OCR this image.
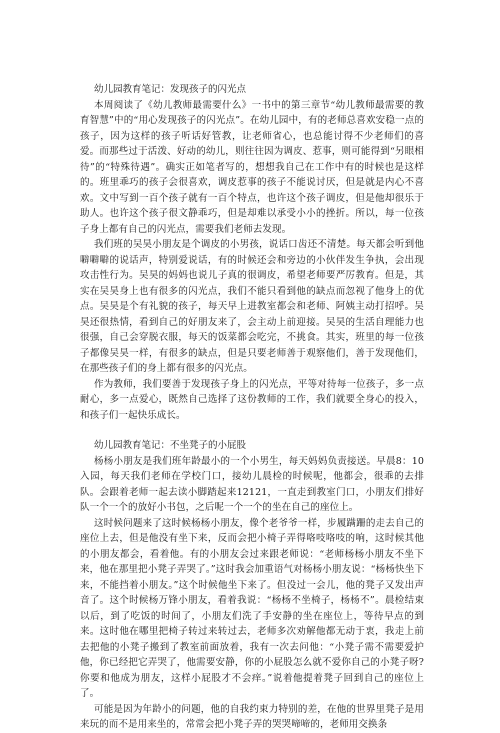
幼儿园教育笔记：发现孩子的闪光点

本周阅读了《幼儿教师最需要什么》一书中的第三章节“幼儿教师最需要的教育智慧”中的“用心发现孩子的闪光点”。在幼儿园中，有的老师总喜欢安稳一点的孩子，因为这样的孩子听话好管教，让老师省心，也总能讨得不少老师们的喜爱。而那些过于活泼、好动的幼儿，则往往因为调皮、惹事，则可能得到“另眼相待”的“特殊待遇”。确实正如笔者写的，想想我自己在工作中有的时候也是这样的。班里乖巧的孩子会很喜欢，调皮惹事的孩子不能说讨厌，但是就是内心不喜欢。文中写到一百个孩子就有一百个特点，也许这个孩子调皮，但是他却很乐于助人。也许这个孩子很文静乖巧，但是却难以承受小小的挫折。所以，每一位孩子身上都有自己的闪光点，需要我们老师去发现。

我们班的吴昊小朋友是个调皮的小男孩，说话口齿还不清楚。每天都会听到他噼噼噼的说话声，特别爱说话，有的时候还会和旁边的小伙伴发生争执，会出现攻击性行为。吴昊的妈妈也说儿子真的很调皮，希望老师要严厉教育。但是，其实在吴昊身上也有很多的闪光点，我们不能只看到他的缺点而忽视了他身上的优点。吴昊是个有礼貌的孩子，每天早上进教室都会和老师、阿姨主动打招呼。吴昊还很热情，看到自己的好朋友来了，会主动上前迎接。吴昊的生活自理能力也很强，自己会穿脱衣服，每天的饭菜都会吃完，不挑食。其实，班里的每一位孩子都像吴昊一样，有很多的缺点，但是只要老师善于观察他们，善于发现他们，在那些孩子们的身上都有很多的闪光点。

作为教师，我们要善于发现孩子身上的闪光点，平等对待每一位孩子，多一点耐心，多一点爱心，既然自己选择了这份教师的工作，我们就要全身心的投入，和孩子们一起快乐成长。

幼儿园教育笔记：不坐凳子的小屁股

杨杨小朋友是我们班年龄最小的一个小男生，每天妈妈负责接送。早晨8：10入园，每天我们老师在学校门口，接幼儿晨检的时候呢，他都会，很乖的去排队。会跟着老师一起去读小脚踏起来12121，一直走到教室门口，小朋友们排好队一个一个的放好小书包，之后呢一个一个的坐在自己的座位上。

这时候问题来了这时候杨杨小朋友，像个老爷爷一样，步履蹒跚的走去自己的座位上去，但是他没有坐下来，反而会把小椅子弄得咯吱咯吱的响，这时候其他的小朋友都会，看着他。有的小朋友会过来跟老师说：“老师杨杨小朋友不坐下来，他在那里把小凳子弄哭了。”这时我会加重语气对杨杨小朋友说：“杨杨快坐下来，不能挡着小朋友。”这个时候他坐下来了。但没过一会儿，他的凳子又发出声音了。这个时候杨万锋小朋友，看着我说：“杨杨不坐椅子，杨杨不”。晨检结束以后，到了吃饭的时间了，小朋友们洗了手安静的坐在座位上，等待早点的到来。这时他在哪里把椅子转过来转过去，老师多次劝解他都无动于衷，我走上前去把他的小凳子搬到了教室前面放着，我有一次去问他：“小凳子需不需要爱护他，你已经把它弄哭了，他需要安静，你的小屁股怎么就不爱你自己的小凳子呀?你要和他成为朋友，这样小屁股才不会痒。”说着他提着凳子回到自己的座位上了。

可能是因为年龄小的问题，他的自我约束力特别的差，在他的世界里凳子是用来玩的而不是用来坐的，常常会把小凳子弄的哭哭啼啼的，老师用交换条
